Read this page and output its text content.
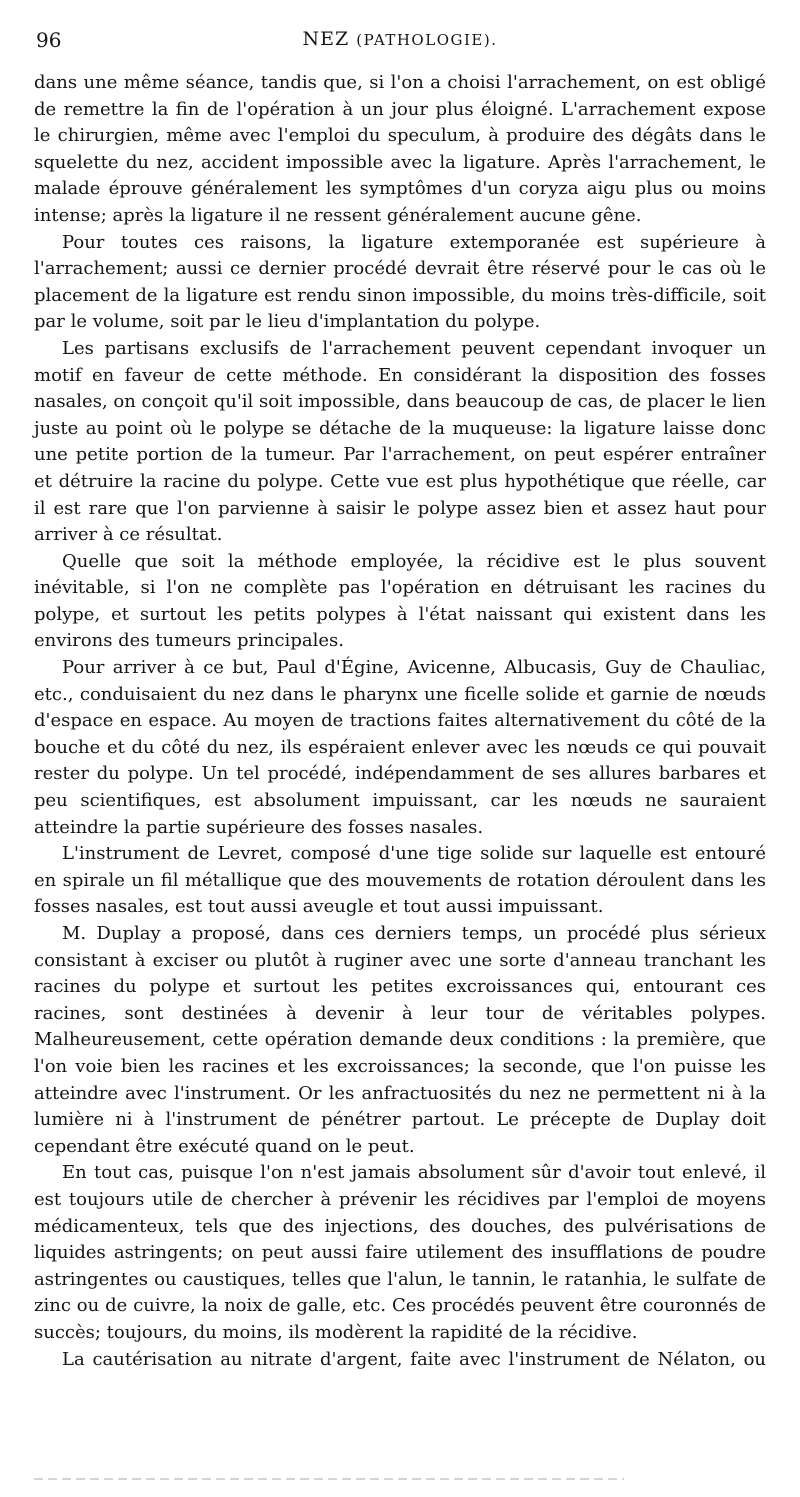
96	NEZ (PATHOLOGIE).

dans une même séance, tandis que, si l'on a choisi l'arrachement, on est obligé de remettre la fin de l'opération à un jour plus éloigné. L'arrachement expose le chirurgien, même avec l'emploi du speculum, à produire des dégâts dans le squelette du nez, accident impossible avec la ligature. Après l'arrachement, le malade éprouve généralement les symptômes d'un coryza aigu plus ou moins intense; après la ligature il ne ressent généralement aucune gêne.

Pour toutes ces raisons, la ligature extemporanée est supérieure à l'arrachement; aussi ce dernier procédé devrait être réservé pour le cas où le placement de la ligature est rendu sinon impossible, du moins très-difficile, soit par le volume, soit par le lieu d'implantation du polype.

Les partisans exclusifs de l'arrachement peuvent cependant invoquer un motif en faveur de cette méthode. En considérant la disposition des fosses nasales, on conçoit qu'il soit impossible, dans beaucoup de cas, de placer le lien juste au point où le polype se détache de la muqueuse: la ligature laisse donc une petite portion de la tumeur. Par l'arrachement, on peut espérer entraîner et détruire la racine du polype. Cette vue est plus hypothétique que réelle, car il est rare que l'on parvienne à saisir le polype assez bien et assez haut pour arriver à ce résultat.

Quelle que soit la méthode employée, la récidive est le plus souvent inévitable, si l'on ne complète pas l'opération en détruisant les racines du polype, et surtout les petits polypes à l'état naissant qui existent dans les environs des tumeurs principales.

Pour arriver à ce but, Paul d'Égine, Avicenne, Albucasis, Guy de Chauliac, etc., conduisaient du nez dans le pharynx une ficelle solide et garnie de nœuds d'espace en espace. Au moyen de tractions faites alternativement du côté de la bouche et du côté du nez, ils espéraient enlever avec les nœuds ce qui pouvait rester du polype. Un tel procédé, indépendamment de ses allures barbares et peu scientifiques, est absolument impuissant, car les nœuds ne sauraient atteindre la partie supérieure des fosses nasales.

L'instrument de Levret, composé d'une tige solide sur laquelle est entouré en spirale un fil métallique que des mouvements de rotation déroulent dans les fosses nasales, est tout aussi aveugle et tout aussi impuissant.

M. Duplay a proposé, dans ces derniers temps, un procédé plus sérieux consistant à exciser ou plutôt à ruginer avec une sorte d'anneau tranchant les racines du polype et surtout les petites excroissances qui, entourant ces racines, sont destinées à devenir à leur tour de véritables polypes. Malheureusement, cette opération demande deux conditions : la première, que l'on voie bien les racines et les excroissances; la seconde, que l'on puisse les atteindre avec l'instrument. Or les anfractuosités du nez ne permettent ni à la lumière ni à l'instrument de pénétrer partout. Le précepte de Duplay doit cependant être exécuté quand on le peut.

En tout cas, puisque l'on n'est jamais absolument sûr d'avoir tout enlevé, il est toujours utile de chercher à prévenir les récidives par l'emploi de moyens médicamenteux, tels que des injections, des douches, des pulvérisations de liquides astringents; on peut aussi faire utilement des insufflations de poudre astringentes ou caustiques, telles que l'alun, le tannin, le ratanhia, le sulfate de zinc ou de cuivre, la noix de galle, etc. Ces procédés peuvent être couronnés de succès; toujours, du moins, ils modèrent la rapidité de la récidive.

La cautérisation au nitrate d'argent, faite avec l'instrument de Nélaton, ou
